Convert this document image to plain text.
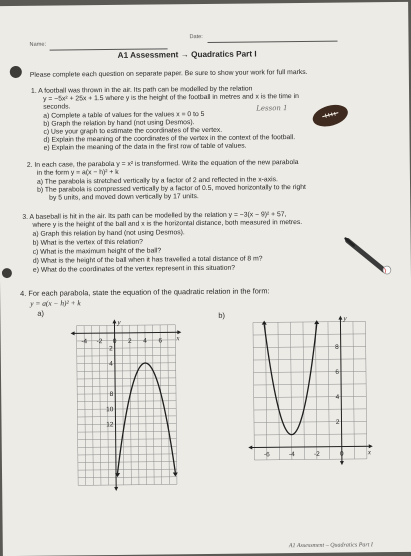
Name:
Date:
A1 Assessment → Quadratics Part I
Please complete each question on separate paper. Be sure to show your work for full marks.
1. A football was thrown in the air. Its path can be modelled by the relation
y = −5x² + 25x + 1.5 where y is the height of the football in metres and x is the time in
seconds.
a) Complete a table of values for the values x = 0 to 5
b) Graph the relation by hand (not using Desmos).
c) Use your graph to estimate the coordinates of the vertex.
d) Explain the meaning of the coordinates of the vertex in the context of the football.
e) Explain the meaning of the data in the first row of table of values.
Lesson 1
2. In each case, the parabola y = x² is transformed. Write the equation of the new parabola
in the form y = a(x − h)² + k
a) The parabola is stretched vertically by a factor of 2 and reflected in the x-axis.
b) The parabola is compressed vertically by a factor of 0.5, moved horizontally to the right
by 5 units, and moved down vertically by 17 units.
3. A baseball is hit in the air. Its path can be modelled by the relation y = −3(x − 9)² + 57,
where y is the height of the ball and x is the horizontal distance, both measured in metres.
a) Graph this relation by hand (not using Desmos).
b) What is the vertex of this relation?
c) What is the maximum height of the ball?
d) What is the height of the ball when it has travelled a total distance of 8 m?
e) What do the coordinates of the vertex represent in this situation?
4. For each parabola, state the equation of the quadratic relation in the form:
y = a(x − h)² + k
a)	b)
-4 -2 0 2 4 6
2
4
8
10
12
y
x
-6	-4	-2	0
8
6
4
2
y
x
A1 Assessment – Quadratics Part I
